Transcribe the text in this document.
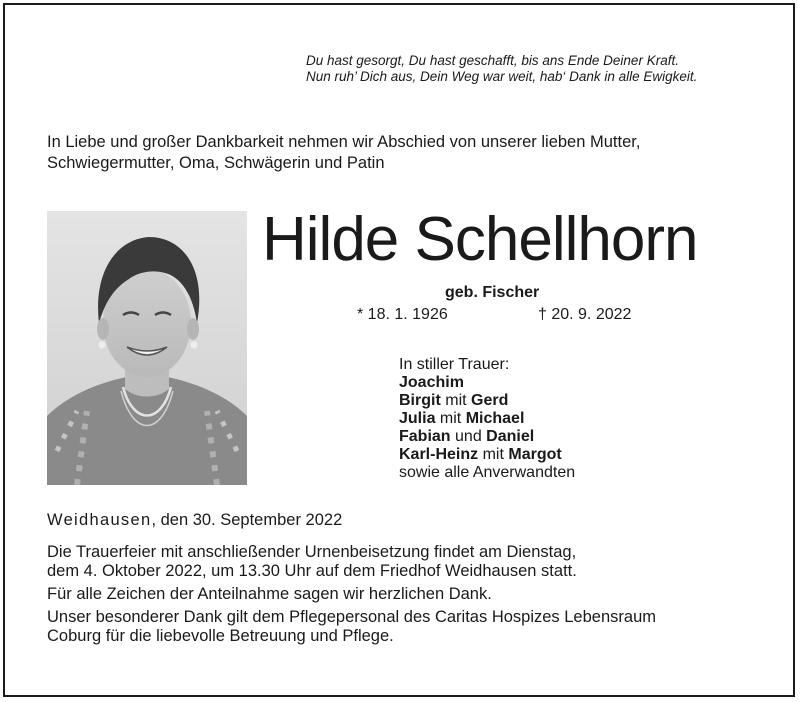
Du hast gesorgt, Du hast geschafft, bis ans Ende Deiner Kraft.
Nun ruh’ Dich aus, Dein Weg war weit, hab‘ Dank in alle Ewigkeit.
In Liebe und großer Dankbarkeit nehmen wir Abschied von unserer lieben Mutter,
Schwiegermutter, Oma, Schwägerin und Patin
Hilde Schellhorn
geb. Fischer
* 18. 1. 1926	† 20. 9. 2022
In stiller Trauer:
Joachim
Birgit mit Gerd
Julia mit Michael
Fabian und Daniel
Karl-Heinz mit Margot
sowie alle Anverwandten
Weidhausen, den 30. September 2022
Die Trauerfeier mit anschließender Urnenbeisetzung findet am Dienstag,
dem 4. Oktober 2022, um 13.30 Uhr auf dem Friedhof Weidhausen statt.
Für alle Zeichen der Anteilnahme sagen wir herzlichen Dank.
Unser besonderer Dank gilt dem Pflegepersonal des Caritas Hospizes Lebensraum
Coburg für die liebevolle Betreuung und Pflege.
